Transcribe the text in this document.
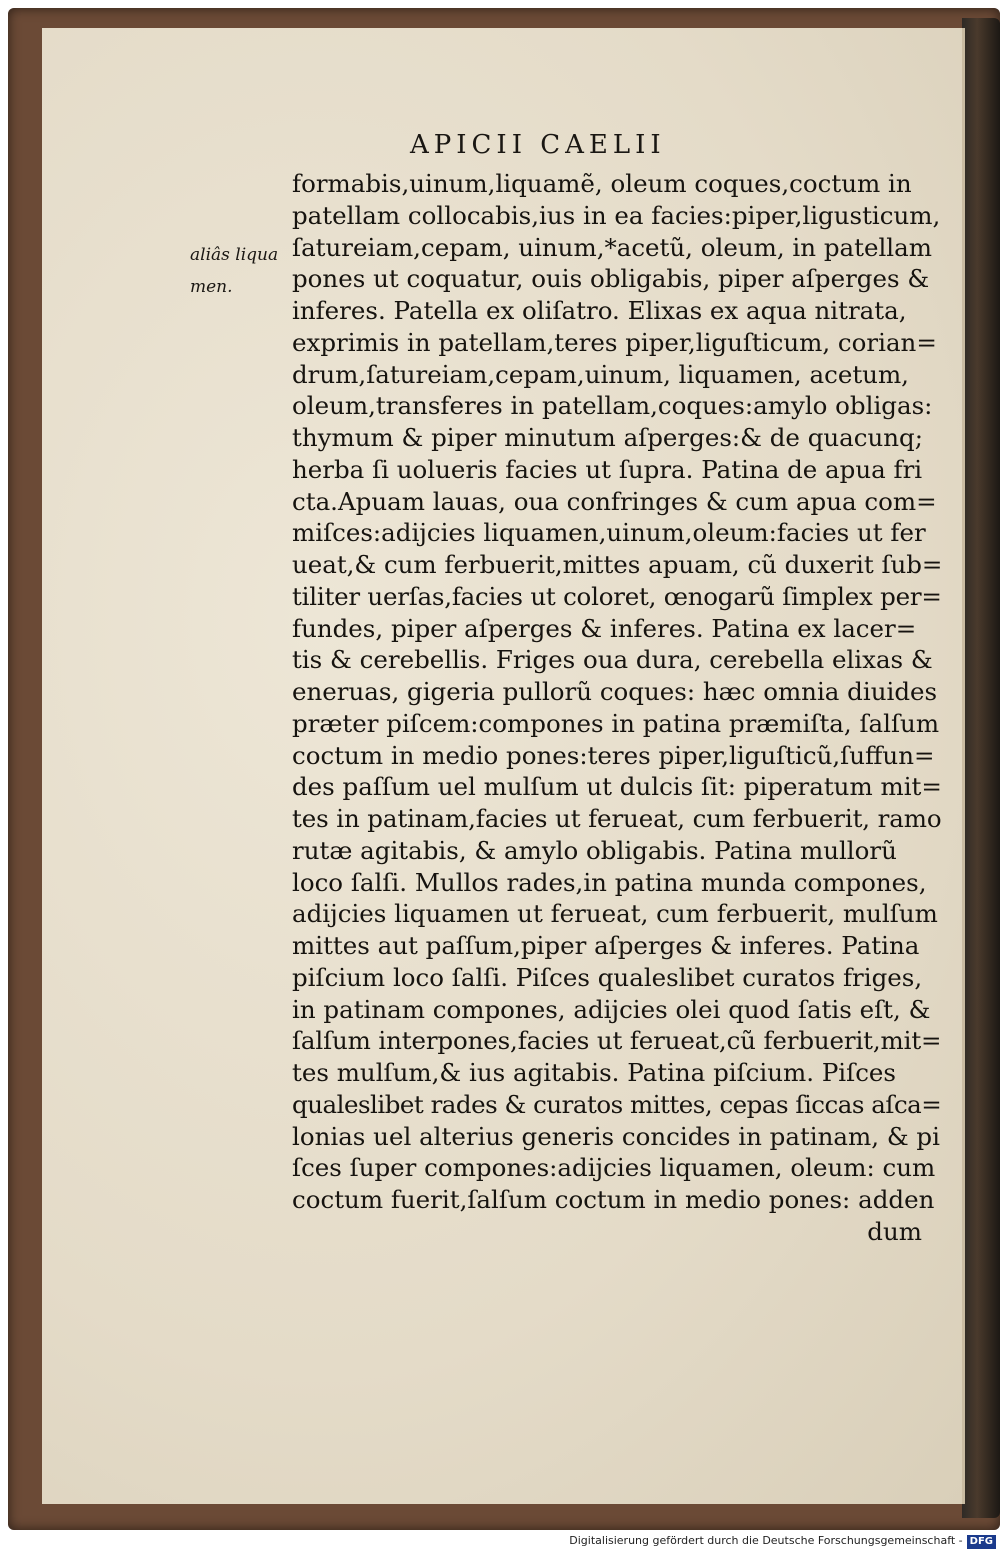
APICII CAELII
aliâs liqua
men.
formabis,uinum,liquamẽ, oleum coques,coctum in
patellam collocabis,ius in ea facies:piper,ligusticum,
ſatureiam,cepam, uinum,*acetũ, oleum, in patellam
pones ut coquatur, ouis obligabis, piper aſperges &
inferes. Patella ex oliſatro. Elixas ex aqua nitrata,
exprimis in patellam,teres piper,liguſticum, corian=
drum,ſatureiam,cepam,uinum, liquamen, acetum,
oleum,transferes in patellam,coques:amylo obligas:
thymum & piper minutum aſperges:& de quacunq;
herba ſi uolueris facies ut ſupra. Patina de apua fri
cta.Apuam lauas, oua confringes & cum apua com=
miſces:adijcies liquamen,uinum,oleum:facies ut fer
ueat,& cum ferbuerit,mittes apuam, cũ duxerit ſub=
tiliter uerſas,facies ut coloret, œnogarũ ſimplex per=
fundes, piper aſperges & inferes. Patina ex lacer=
tis & cerebellis. Friges oua dura, cerebella elixas &
eneruas, gigeria pullorũ coques: hæc omnia diuides
præter piſcem:compones in patina præmiſta, ſalſum
coctum in medio pones:teres piper,liguſticũ,ſuffun=
des paſſum uel mulſum ut dulcis ſit: piperatum mit=
tes in patinam,facies ut ferueat, cum ferbuerit, ramo
rutæ agitabis, & amylo obligabis. Patina mullorũ
loco ſalſi. Mullos rades,in patina munda compones,
adijcies liquamen ut ferueat, cum ferbuerit, mulſum
mittes aut paſſum,piper aſperges & inferes. Patina
piſcium loco ſalſi. Piſces qualeslibet curatos friges,
in patinam compones, adijcies olei quod ſatis eſt, &
ſalſum interpones,facies ut ferueat,cũ ferbuerit,mit=
tes mulſum,& ius agitabis. Patina piſcium. Piſces
qualeslibet rades & curatos mittes, cepas ſiccas aſca=
lonias uel alterius generis concides in patinam, & pi
ſces ſuper compones:adijcies liquamen, oleum: cum
coctum fuerit,ſalſum coctum in medio pones: adden
dum
Digitalisierung gefördert durch die Deutsche Forschungsgemeinschaft - DFG
